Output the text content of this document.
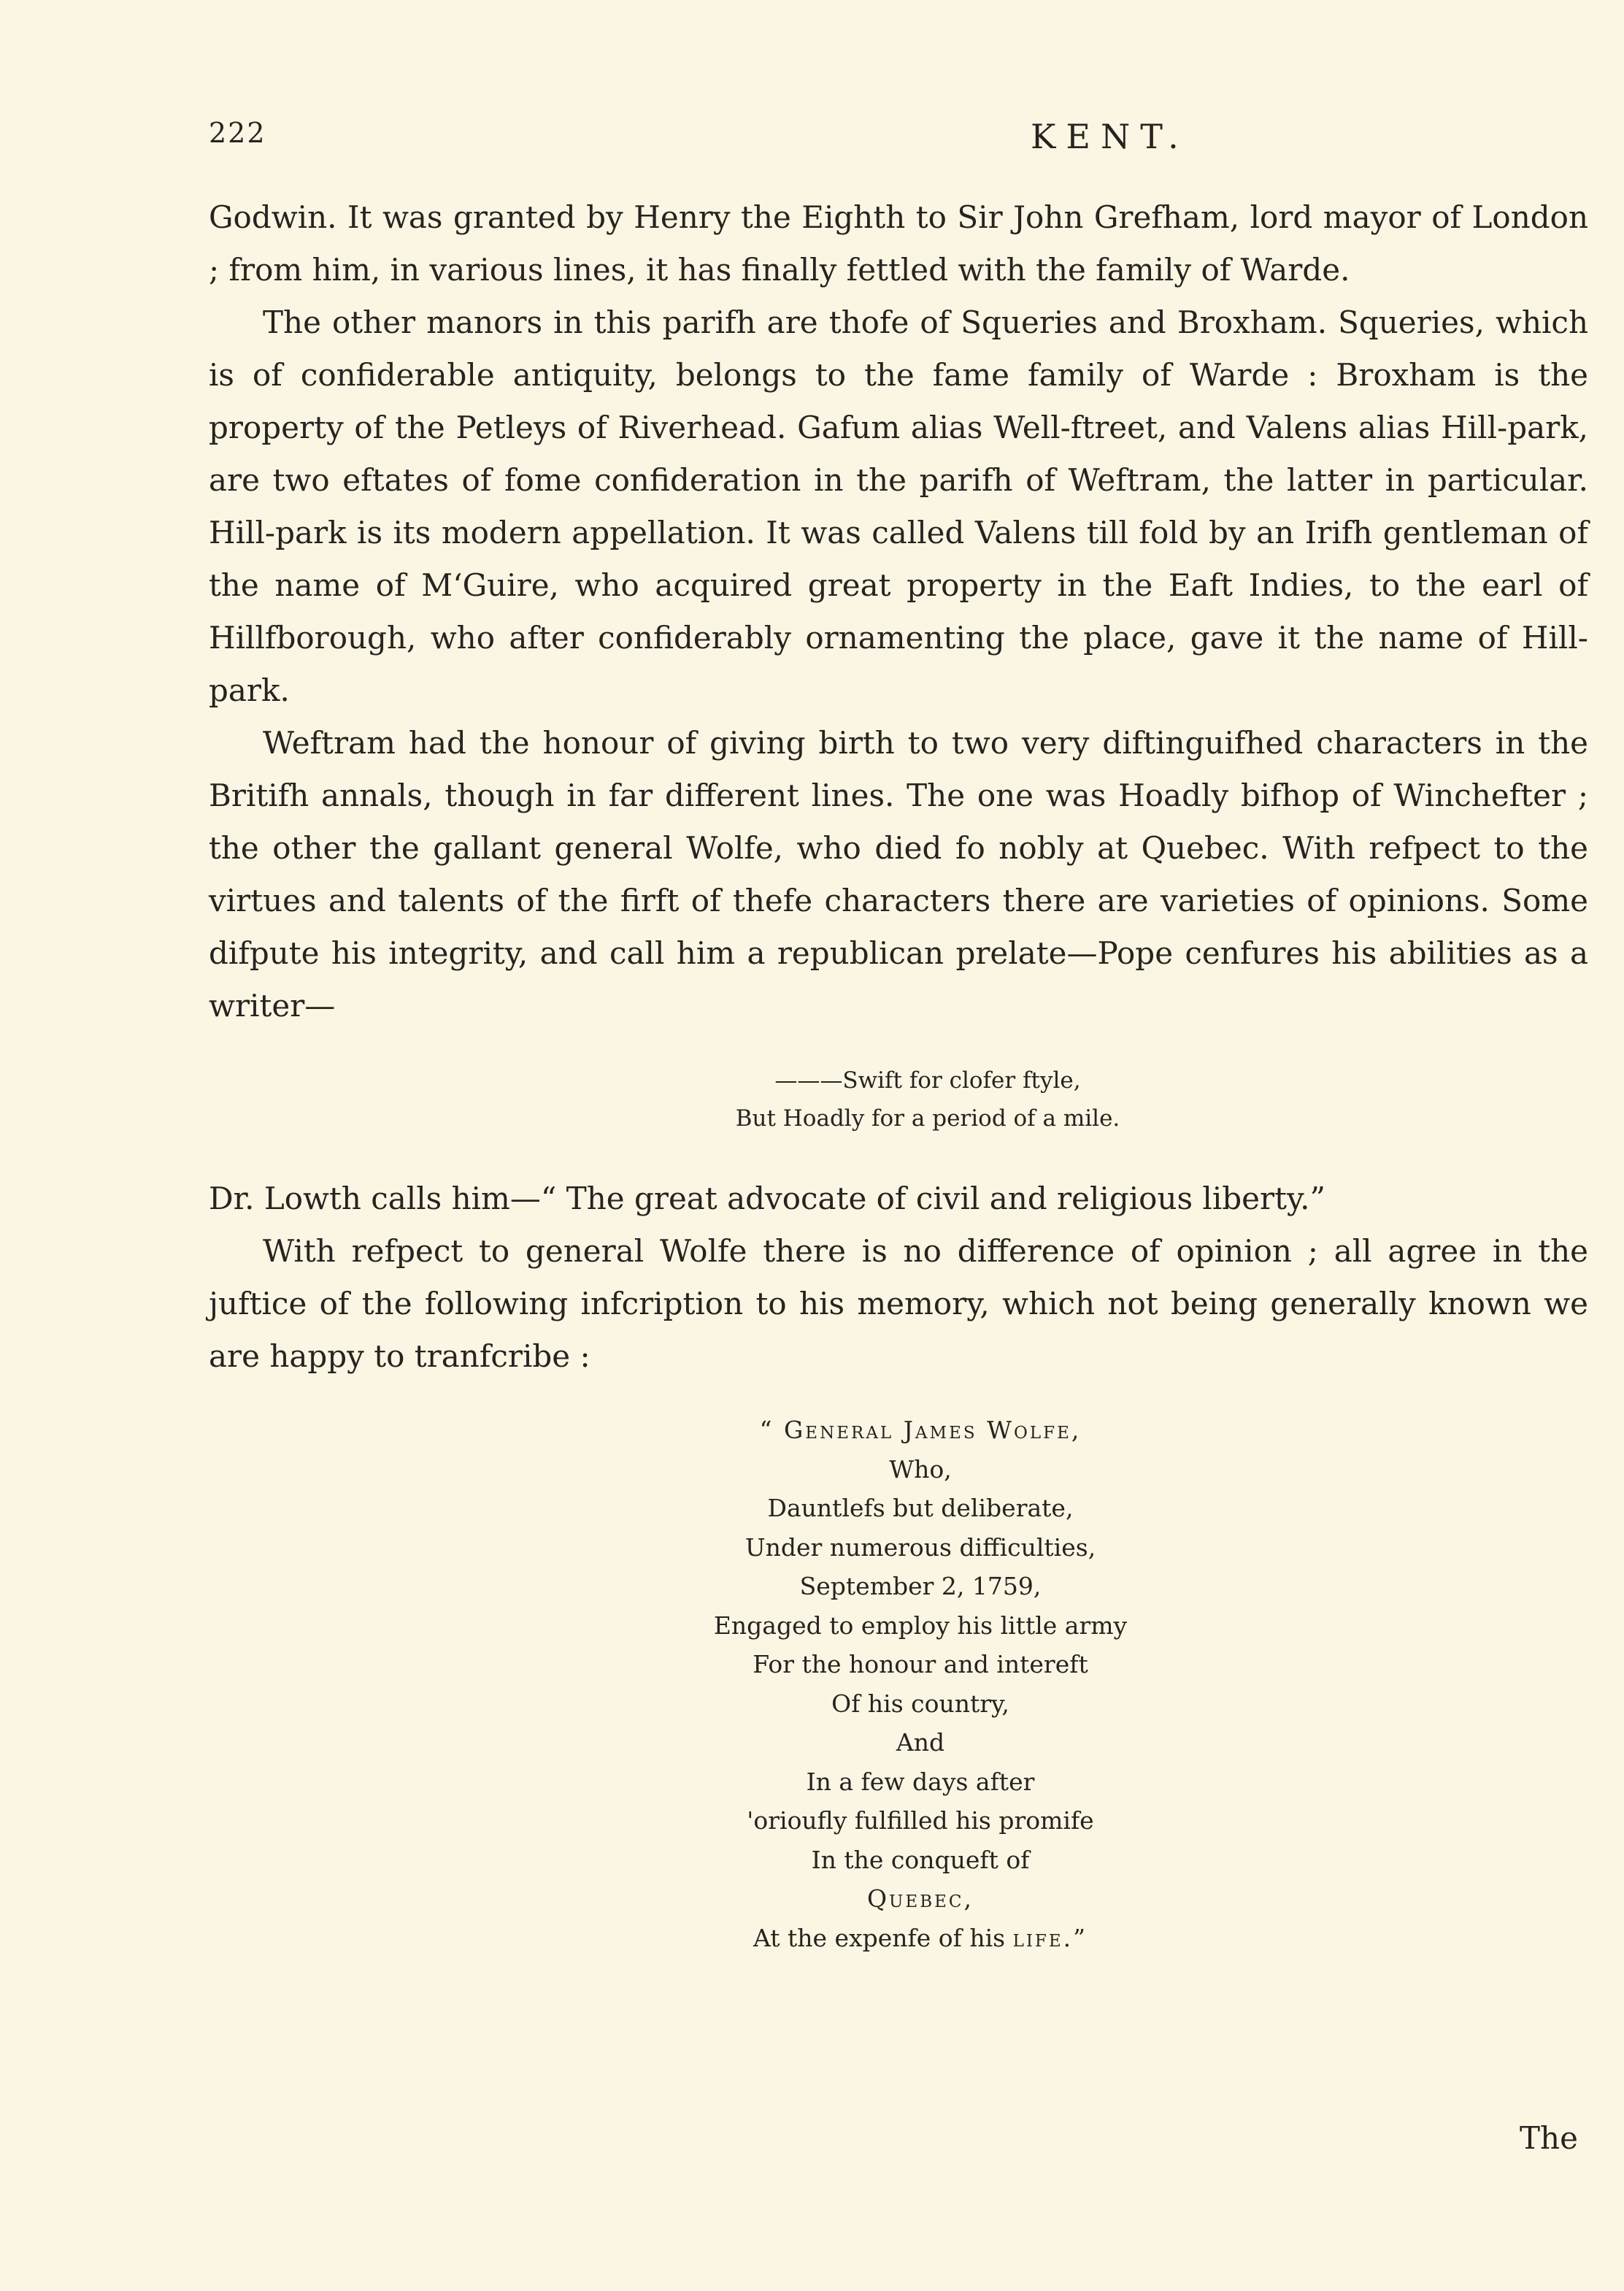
222	KENT.

Godwin. It was granted by Henry the Eighth to Sir John Grefham, lord mayor of London ; from him, in various lines, it has finally fettled with the family of Warde.

The other manors in this parifh are thofe of Squeries and Broxham. Squeries, which is of confiderable antiquity, belongs to the fame family of Warde : Broxham is the property of the Petleys of Riverhead. Gafum alias Well-ftreet, and Valens alias Hill-park, are two eftates of fome confideration in the parifh of Weftram, the latter in particular. Hill-park is its modern appellation. It was called Valens till fold by an Irifh gentleman of the name of M‘Guire, who acquired great property in the Eaft Indies, to the earl of Hillfborough, who after confiderably ornamenting the place, gave it the name of Hill-park.

Weftram had the honour of giving birth to two very diftinguifhed characters in the Britifh annals, though in far different lines. The one was Hoadly bifhop of Winchefter ; the other the gallant general Wolfe, who died fo nobly at Quebec. With refpect to the virtues and talents of the firft of thefe characters there are varieties of opinions. Some difpute his integrity, and call him a republican prelate—Pope cenfures his abilities as a writer—

———Swift for clofer ftyle,
But Hoadly for a period of a mile.

Dr. Lowth calls him—“ The great advocate of civil and religious liberty.”

With refpect to general Wolfe there is no difference of opinion ; all agree in the juftice of the following infcription to his memory, which not being generally known we are happy to tranfcribe :

“ General James Wolfe,
Who,
Dauntlefs but deliberate,
Under numerous difficulties,
September 2, 1759,
Engaged to employ his little army
For the honour and intereft
Of his country,
And
In a few days after
'orioufly fulfilled his promife
In the conqueft of
Quebec,
At the expenfe of his life.”
The
